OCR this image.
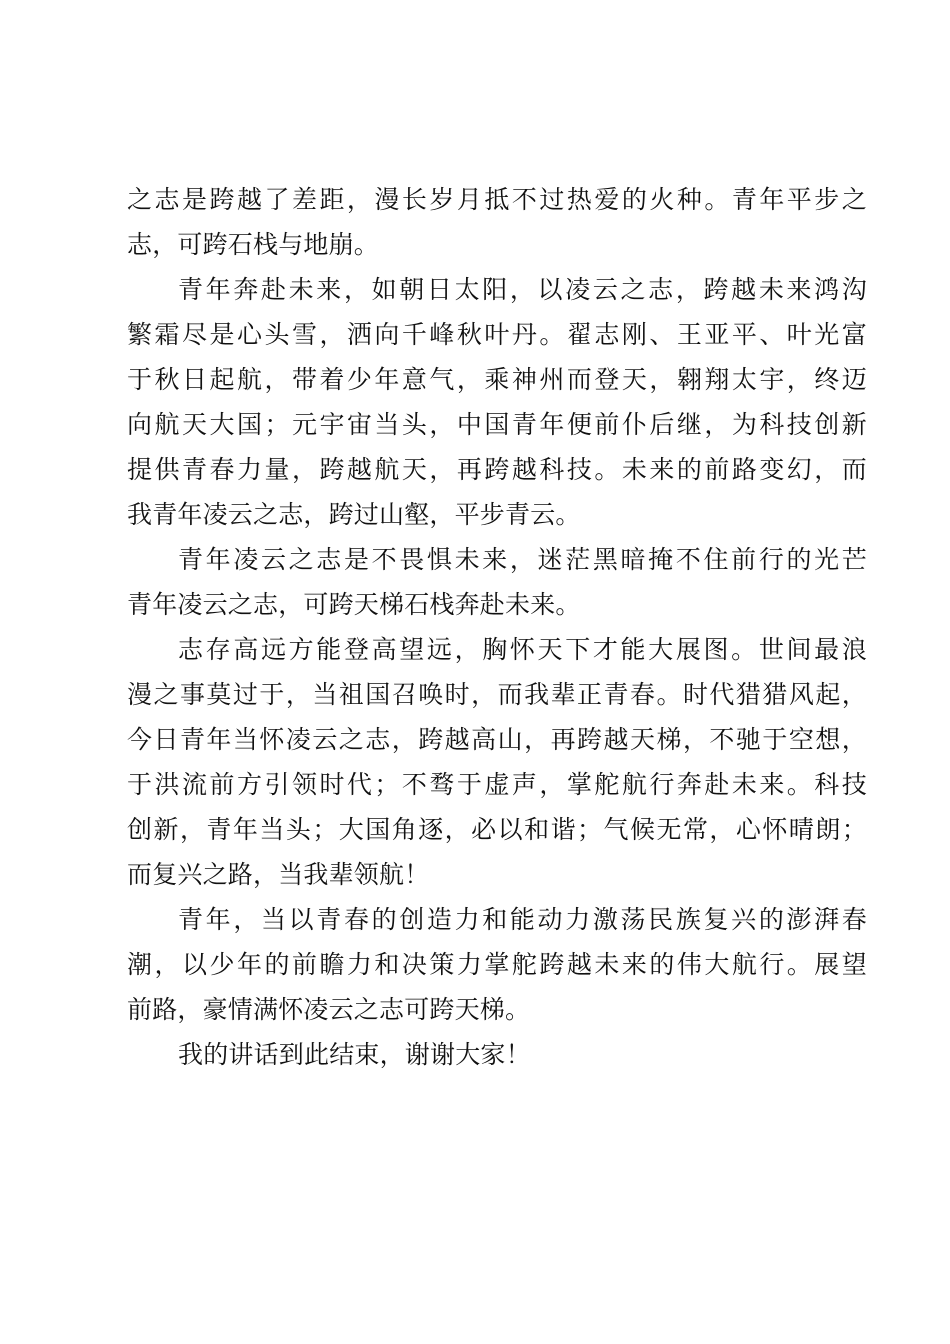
之志是跨越了差距，漫长岁月抵不过热爱的火种。青年平步之
志，可跨石栈与地崩。
青年奔赴未来，如朝日太阳，以凌云之志，跨越未来鸿沟
繁霜尽是心头雪，洒向千峰秋叶丹。翟志刚、王亚平、叶光富
于秋日起航，带着少年意气，乘神州而登天，翱翔太宇，终迈
向航天大国；元宇宙当头，中国青年便前仆后继，为科技创新
提供青春力量，跨越航天，再跨越科技。未来的前路变幻，而
我青年凌云之志，跨过山壑，平步青云。
青年凌云之志是不畏惧未来，迷茫黑暗掩不住前行的光芒
青年凌云之志，可跨天梯石栈奔赴未来。
志存高远方能登高望远，胸怀天下才能大展图。世间最浪
漫之事莫过于，当祖国召唤时，而我辈正青春。时代猎猎风起，
今日青年当怀凌云之志，跨越高山，再跨越天梯，不驰于空想，
于洪流前方引领时代；不骛于虚声，掌舵航行奔赴未来。科技
创新，青年当头；大国角逐，必以和谐；气候无常，心怀晴朗；
而复兴之路，当我辈领航！
青年，当以青春的创造力和能动力激荡民族复兴的澎湃春
潮，以少年的前瞻力和决策力掌舵跨越未来的伟大航行。展望
前路，豪情满怀凌云之志可跨天梯。
我的讲话到此结束，谢谢大家！
